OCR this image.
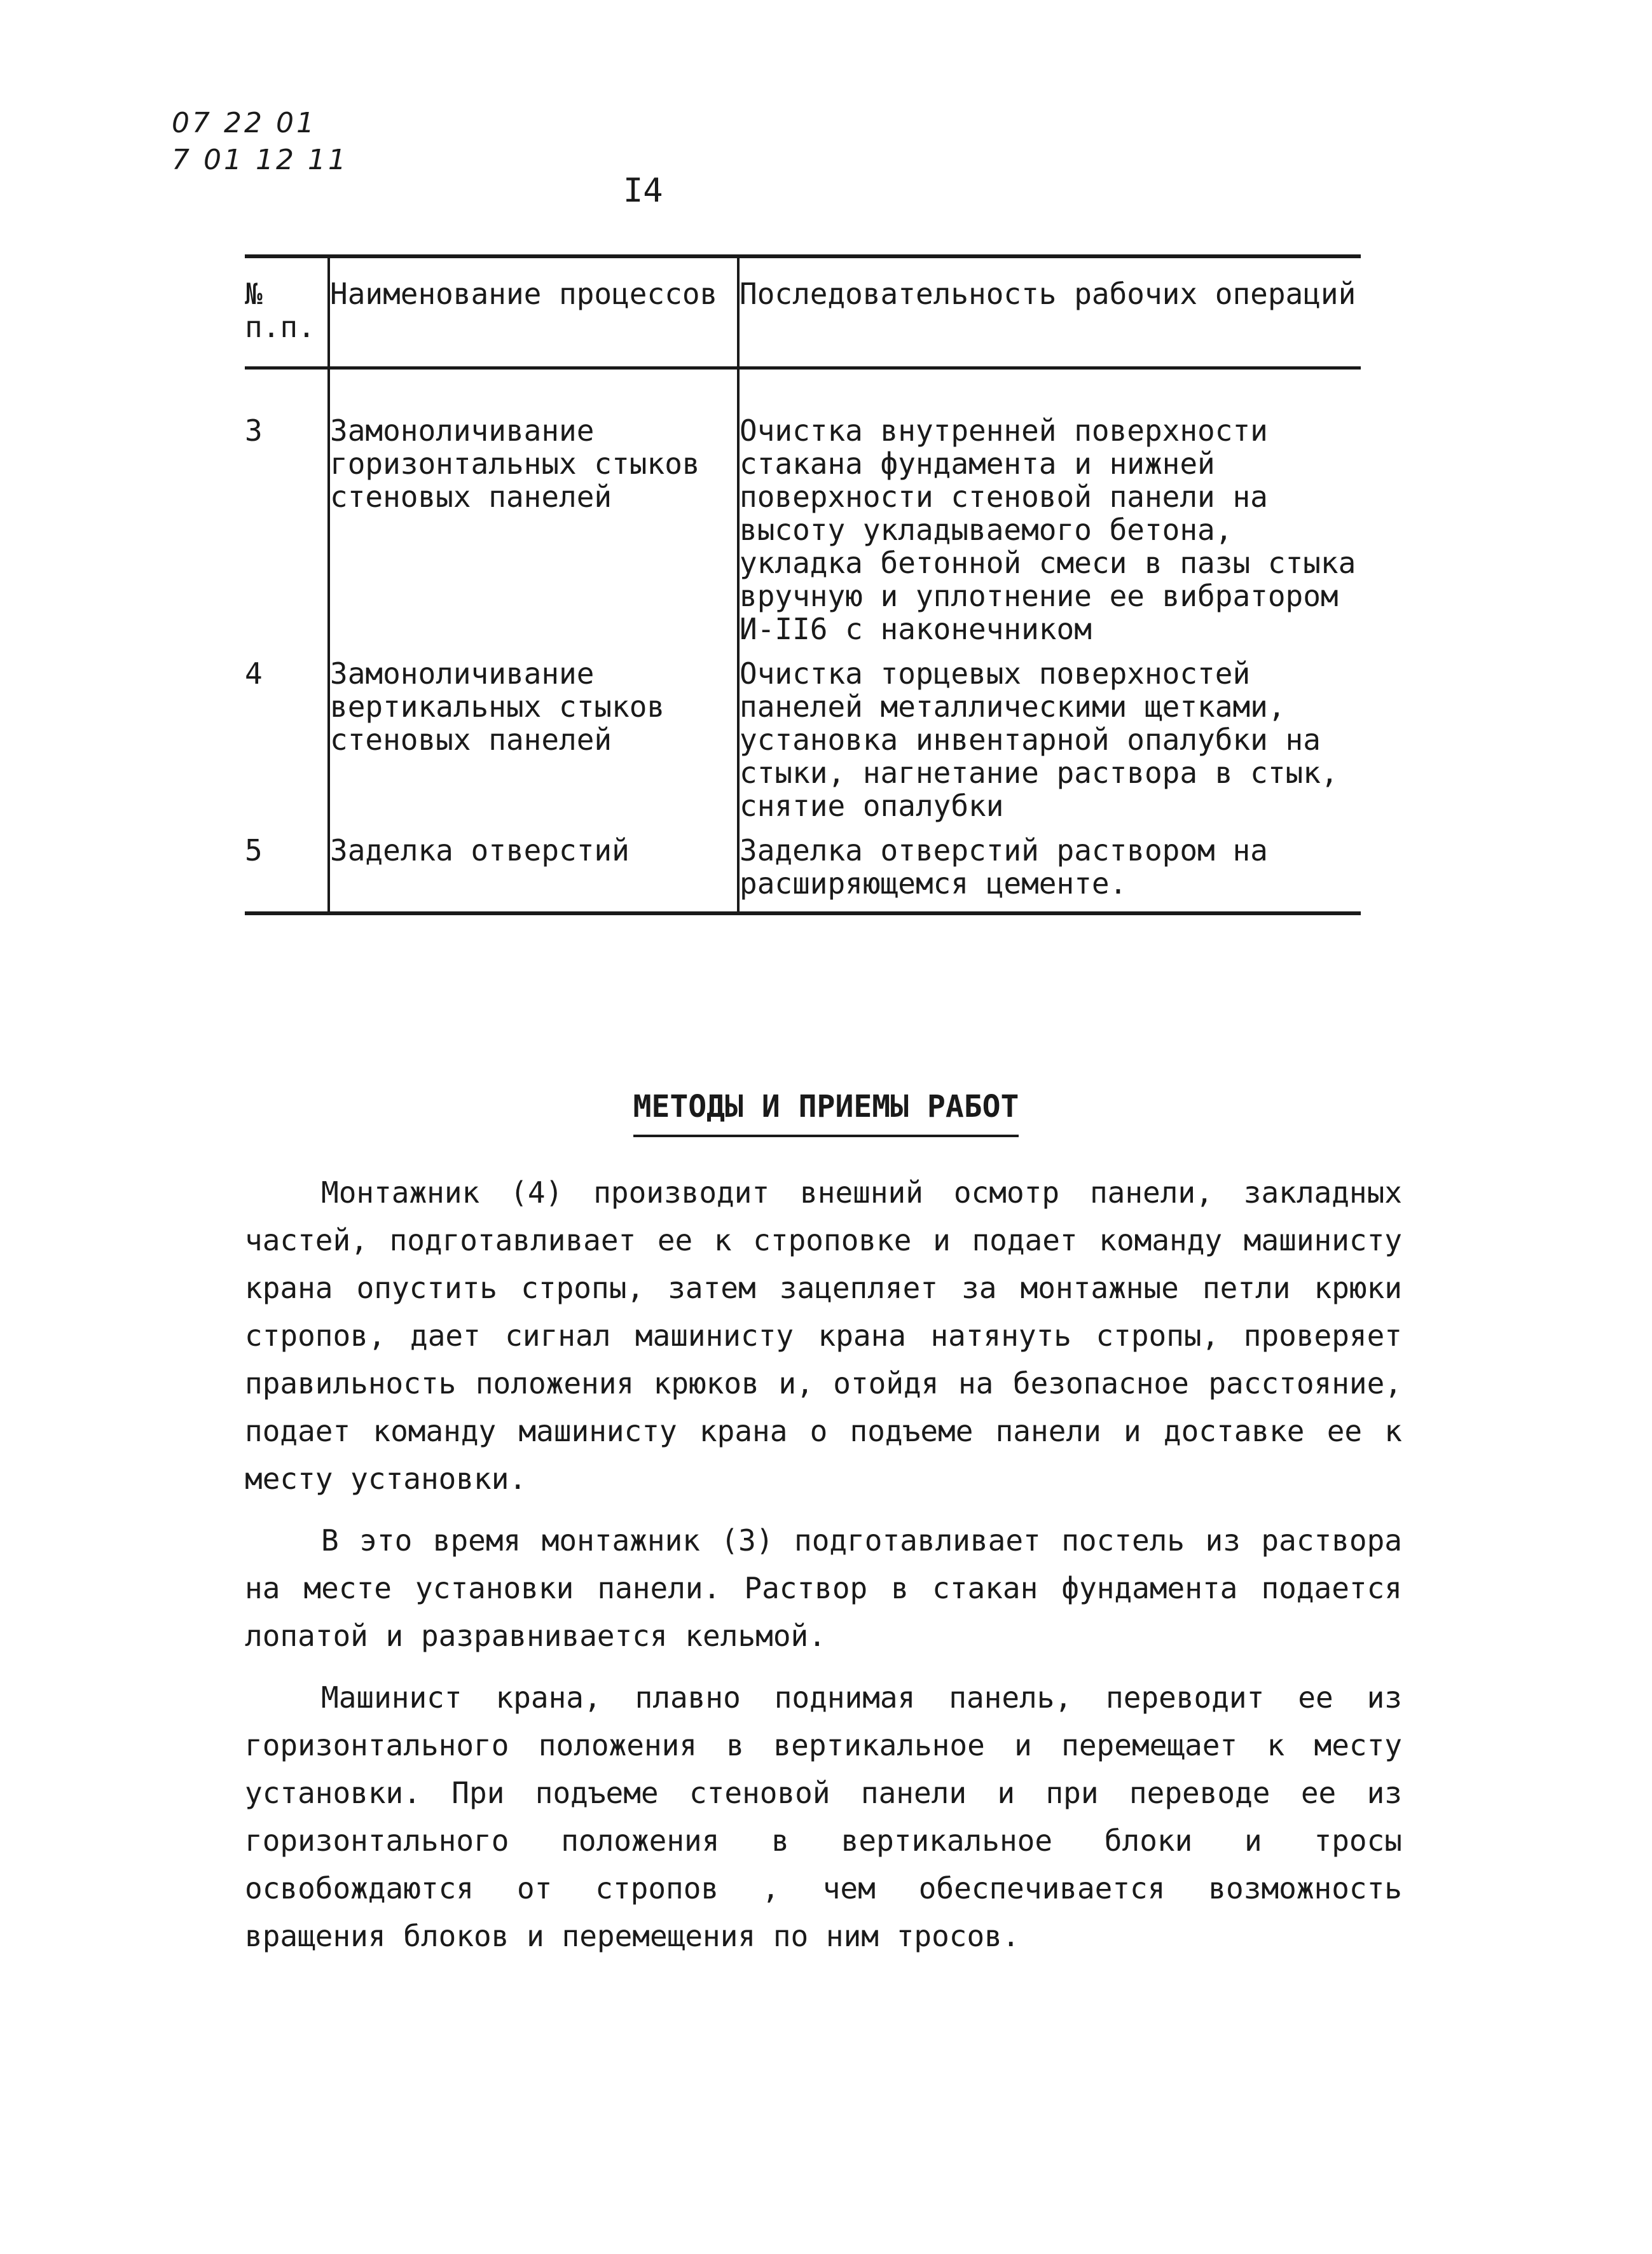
07 22 01
7 01 12 11
I4
№ п.п.	Наименование процессов	Последовательность рабочих операций
3	Замоноличивание горизонтальных стыков стеновых панелей	Очистка внутренней поверхности стакана фундамента и нижней поверхности стеновой панели на высоту укладываемого бетона, укладка бетонной смеси в пазы стыка вручную и уплотнение ее вибратором И-II6 с наконечником
4	Замоноличивание вертикальных стыков стеновых панелей	Очистка торцевых поверхностей панелей металлическими щетками, установка инвентарной опалубки на стыки, нагнетание раствора в стык, снятие опалубки
5	Заделка отверстий	Заделка отверстий раствором на расширяющемся цементе.
МЕТОДЫ И ПРИЕМЫ РАБОТ

Монтажник (4) производит внешний осмотр панели, закладных частей, подготавливает ее к строповке и подает команду машинисту крана опустить стропы, затем зацепляет за монтажные петли крюки стропов, дает сигнал машинисту крана натянуть стропы, проверяет правильность положения крюков и, отойдя на безопасное расстояние, подает команду машинисту крана о подъеме панели и доставке ее к месту установки.

В это время монтажник (3) подготавливает постель из раствора на месте установки панели. Раствор в стакан фундамента подается лопатой и разравнивается кельмой.

Машинист крана, плавно поднимая панель, переводит ее из горизонтального положения в вертикальное и перемещает к месту установки. При подъеме стеновой панели и при переводе ее из горизонтального положения в вертикальное блоки и тросы освобождаются от стропов , чем обеспечивается возможность вращения блоков и перемещения по ним тросов.
